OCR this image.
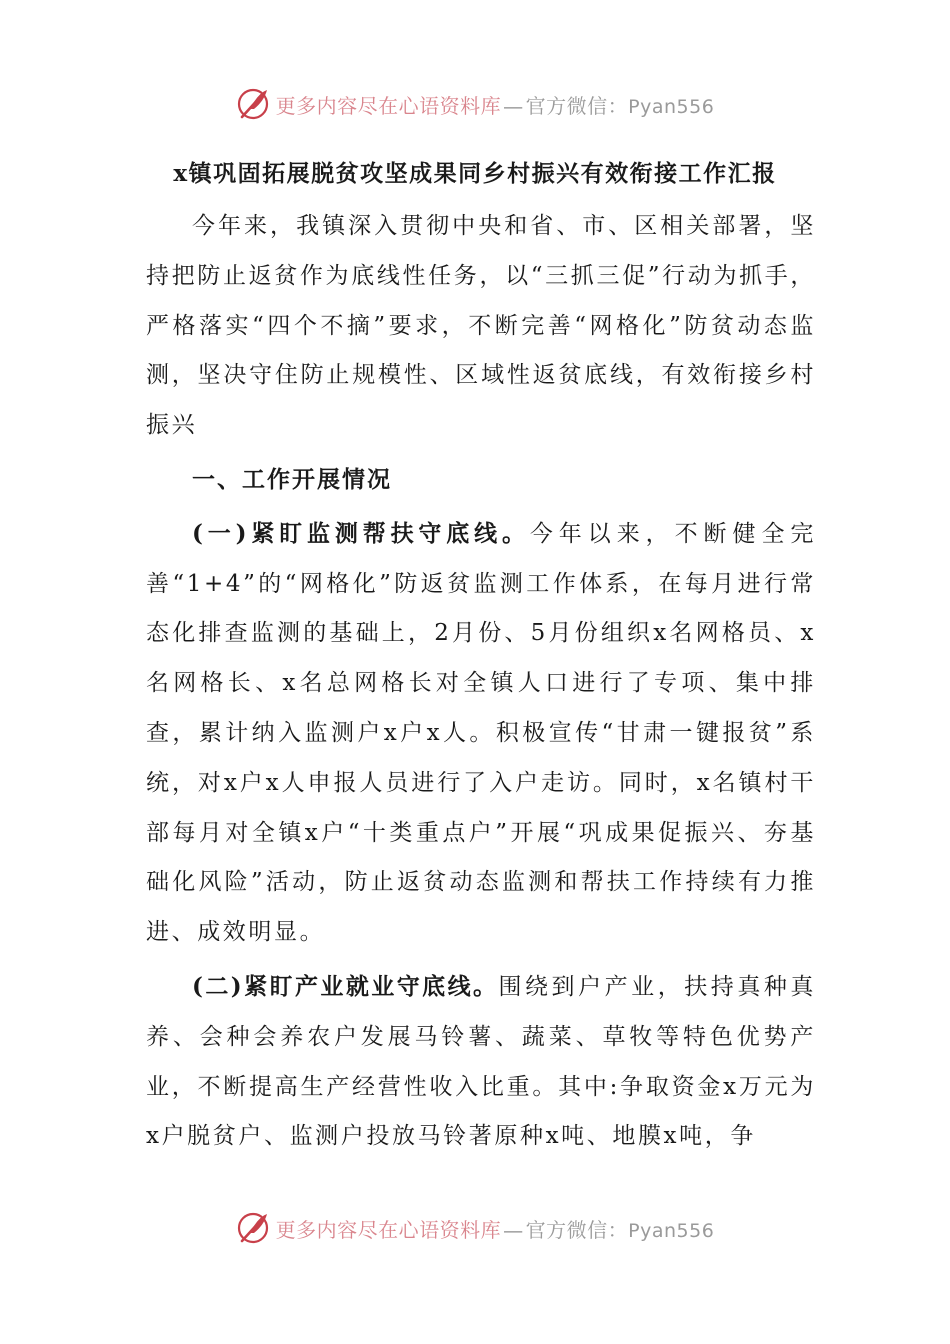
更多内容尽在心语资料库 — 官方微信：Pyan556
x镇巩固拓展脱贫攻坚成果同乡村振兴有效衔接工作汇报

今年来，我镇深入贯彻中央和省、市、区相关部署，坚持把防止返贫作为底线性任务，以“三抓三促”行动为抓手，严格落实“四个不摘”要求，不断完善“网格化”防贫动态监测，坚决守住防止规模性、区域性返贫底线，有效衔接乡村振兴

一、工作开展情况

(一)紧盯监测帮扶守底线。今年以来，不断健全完善“1+4”的“网格化”防返贫监测工作体系，在每月进行常态化排查监测的基础上，2月份、5月份组织x名网格员、x名网格长、x名总网格长对全镇人口进行了专项、集中排查，累计纳入监测户x户x人。积极宣传“甘肃一键报贫”系统，对x户x人申报人员进行了入户走访。同时，x名镇村干部每月对全镇x户“十类重点户”开展“巩成果促振兴、夯基础化风险”活动，防止返贫动态监测和帮扶工作持续有力推进、成效明显。

(二)紧盯产业就业守底线。围绕到户产业，扶持真种真养、会种会养农户发展马铃薯、蔬菜、草牧等特色优势产业，不断提高生产经营性收入比重。其中:争取资金x万元为x户脱贫户、监测户投放马铃著原种x吨、地膜x吨，争

更多内容尽在心语资料库 — 官方微信：Pyan556
